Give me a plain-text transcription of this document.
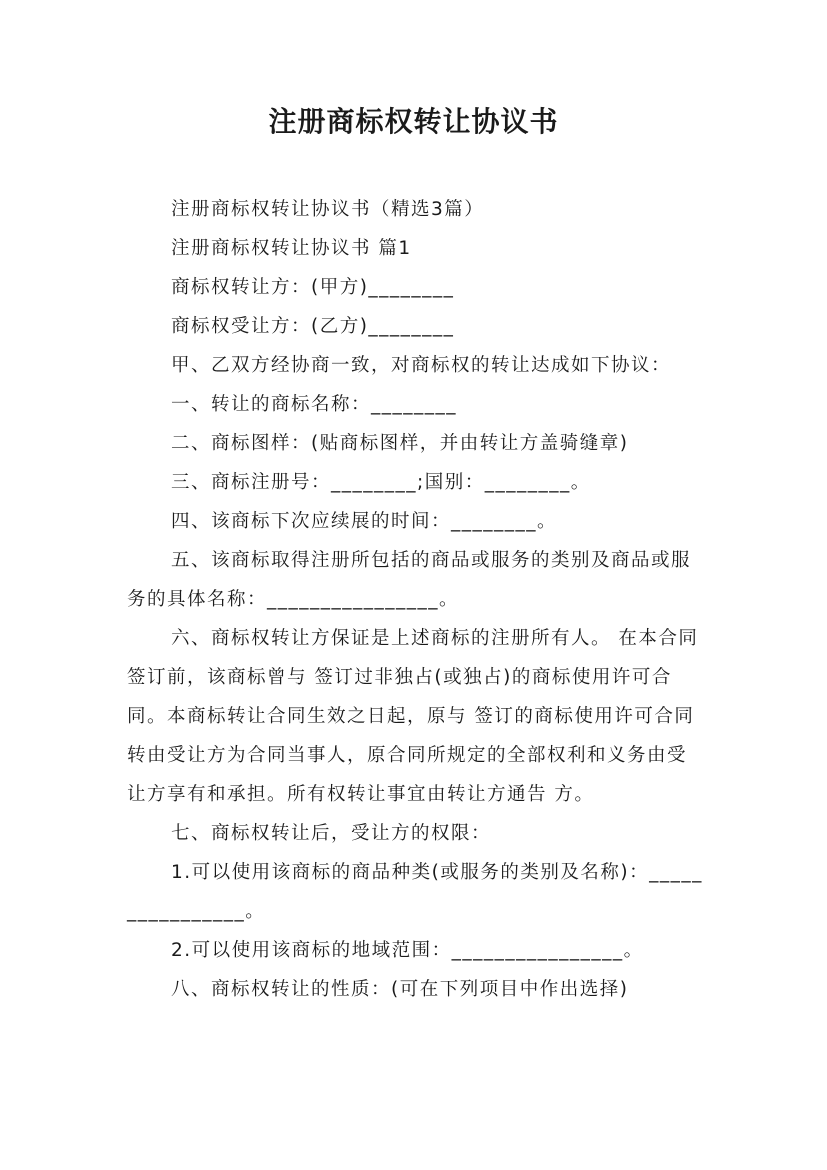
注册商标权转让协议书

注册商标权转让协议书（精选3篇）

注册商标权转让协议书 篇1

商标权转让方：(甲方)________

商标权受让方：(乙方)________

甲、乙双方经协商一致，对商标权的转让达成如下协议：

一、转让的商标名称：________

二、商标图样：(贴商标图样，并由转让方盖骑缝章)

三、商标注册号：________;国别：________。

四、该商标下次应续展的时间：________。

五、该商标取得注册所包括的商品或服务的类别及商品或服务的具体名称：________________。

六、商标权转让方保证是上述商标的注册所有人。 在本合同签订前，该商标曾与 签订过非独占(或独占)的商标使用许可合同。本商标转让合同生效之日起，原与 签订的商标使用许可合同转由受让方为合同当事人，原合同所规定的全部权利和义务由受让方享有和承担。所有权转让事宜由转让方通告 方。

七、商标权转让后，受让方的权限：

1.可以使用该商标的商品种类(或服务的类别及名称)：________________。

2.可以使用该商标的地域范围：________________。

八、商标权转让的性质：(可在下列项目中作出选择)
